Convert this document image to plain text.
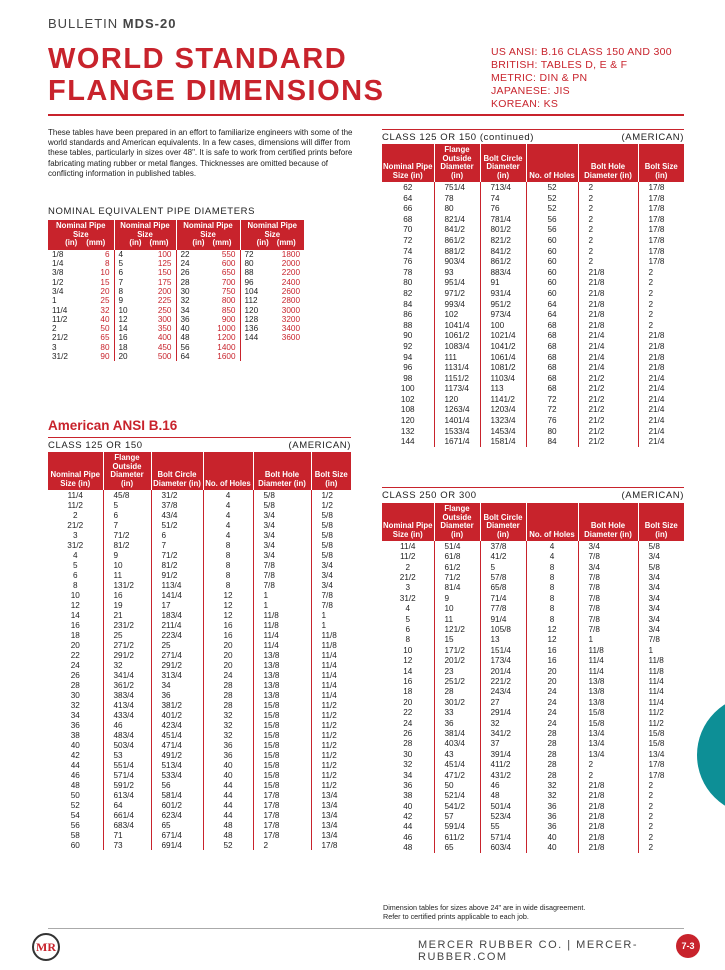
BULLETIN MDS-20
WORLD STANDARD
FLANGE DIMENSIONS
US ANSI: B.16 CLASS 150 AND 300
BRITISH: TABLES D, E & F
METRIC: DIN & PN
JAPANESE: JIS
KOREAN: KS
These tables have been prepared in an effort to familiarize engineers with some of the world standards and American equivalents. In a few cases, dimensions will differ from these tables, particularly in sizes over 48". It is safe to work from certified prints before fabricating mating rubber or metal flanges. Thicknesses are omitted because of conflicting information in published tables.
NOMINAL EQUIVALENT PIPE DIAMETERS
Nominal Pipe Size
(in) (mm)		Nominal Pipe Size
(in) (mm)		Nominal Pipe Size
(in) (mm)		Nominal Pipe Size
(in) (mm)	
1/8	6	4	100	22	550	72	1800
1/4	8	5	125	24	600	80	2000
3/8	10	6	150	26	650	88	2200
1/2	15	7	175	28	700	96	2400
3/4	20	8	200	30	750	104	2600
1	25	9	225	32	800	112	2800
11/4	32	10	250	34	850	120	3000
11/2	40	12	300	36	900	128	3200
2	50	14	350	40	1000	136	3400
21/2	65	16	400	48	1200	144	3600
3	80	18	450	56	1400		
31/2	90	20	500	64	1600		
American ANSI B.16
CLASS 125 OR 150	(AMERICAN)
Nominal Pipe Size (in)	Flange Outside Diameter (in)	Bolt Circle Diameter (in)	No. of Holes	Bolt Hole Diameter (in)	Bolt Size (in)
11/4	45/8	31/2	4	5/8	1/2
11/2	5	37/8	4	5/8	1/2
2	6	43/4	4	3/4	5/8
21/2	7	51/2	4	3/4	5/8
3	71/2	6	4	3/4	5/8
31/2	81/2	7	8	3/4	5/8
4	9	71/2	8	3/4	5/8
5	10	81/2	8	7/8	3/4
6	11	91/2	8	7/8	3/4
8	131/2	113/4	8	7/8	3/4
10	16	141/4	12	1	7/8
12	19	17	12	1	7/8
14	21	183/4	12	11/8	1
16	231/2	211/4	16	11/8	1
18	25	223/4	16	11/4	11/8
20	271/2	25	20	11/4	11/8
22	291/2	271/4	20	13/8	11/4
24	32	291/2	20	13/8	11/4
26	341/4	313/4	24	13/8	11/4
28	361/2	34	28	13/8	11/4
30	383/4	36	28	13/8	11/4
32	413/4	381/2	28	15/8	11/2
34	433/4	401/2	32	15/8	11/2
36	46	423/4	32	15/8	11/2
38	483/4	451/4	32	15/8	11/2
40	503/4	471/4	36	15/8	11/2
42	53	491/2	36	15/8	11/2
44	551/4	513/4	40	15/8	11/2
46	571/4	533/4	40	15/8	11/2
48	591/2	56	44	15/8	11/2
50	613/4	581/4	44	17/8	13/4
52	64	601/2	44	17/8	13/4
54	661/4	623/4	44	17/8	13/4
56	683/4	65	48	17/8	13/4
58	71	671/4	48	17/8	13/4
60	73	691/4	52	2	17/8
CLASS 125 OR 150 (continued)	(AMERICAN)
Nominal Pipe Size (in)	Flange Outside Diameter (in)	Bolt Circle Diameter (in)	No. of Holes	Bolt Hole Diameter (in)	Bolt Size (in)
62	751/4	713/4	52	2	17/8
64	78	74	52	2	17/8
66	80	76	52	2	17/8
68	821/4	781/4	56	2	17/8
70	841/2	801/2	56	2	17/8
72	861/2	821/2	60	2	17/8
74	881/2	841/2	60	2	17/8
76	903/4	861/2	60	2	17/8
78	93	883/4	60	21/8	2
80	951/4	91	60	21/8	2
82	971/2	931/4	60	21/8	2
84	993/4	951/2	64	21/8	2
86	102	973/4	64	21/8	2
88	1041/4	100	68	21/8	2
90	1061/2	1021/4	68	21/4	21/8
92	1083/4	1041/2	68	21/4	21/8
94	111	1061/4	68	21/4	21/8
96	1131/4	1081/2	68	21/4	21/8
98	1151/2	1103/4	68	21/2	21/4
100	1173/4	113	68	21/2	21/4
102	120	1141/2	72	21/2	21/4
108	1263/4	1203/4	72	21/2	21/4
120	1401/4	1323/4	76	21/2	21/4
132	1533/4	1453/4	80	21/2	21/4
144	1671/4	1581/4	84	21/2	21/4
CLASS 250 OR 300	(AMERICAN)
Nominal Pipe Size (in)	Flange Outside Diameter (in)	Bolt Circle Diameter (in)	No. of Holes	Bolt Hole Diameter (in)	Bolt Size (in)
11/4	51/4	37/8	4	3/4	5/8
11/2	61/8	41/2	4	7/8	3/4
2	61/2	5	8	3/4	5/8
21/2	71/2	57/8	8	7/8	3/4
3	81/4	65/8	8	7/8	3/4
31/2	9	71/4	8	7/8	3/4
4	10	77/8	8	7/8	3/4
5	11	91/4	8	7/8	3/4
6	121/2	105/8	12	7/8	3/4
8	15	13	12	1	7/8
10	171/2	151/4	16	11/8	1
12	201/2	173/4	16	11/4	11/8
14	23	201/4	20	11/4	11/8
16	251/2	221/2	20	13/8	11/4
18	28	243/4	24	13/8	11/4
20	301/2	27	24	13/8	11/4
22	33	291/4	24	15/8	11/2
24	36	32	24	15/8	11/2
26	381/4	341/2	28	13/4	15/8
28	403/4	37	28	13/4	15/8
30	43	391/4	28	13/4	13/4
32	451/4	411/2	28	2	17/8
34	471/2	431/2	28	2	17/8
36	50	46	32	21/8	2
38	521/4	48	32	21/8	2
40	541/2	501/4	36	21/8	2
42	57	523/4	36	21/8	2
44	591/4	55	36	21/8	2
46	611/2	571/4	40	21/8	2
48	65	603/4	40	21/8	2
Dimension tables for sizes above 24" are in wide disagreement.
Refer to certified prints applicable to each job.
MR	MERCER RUBBER CO. | MERCER-RUBBER.COM
7-3
